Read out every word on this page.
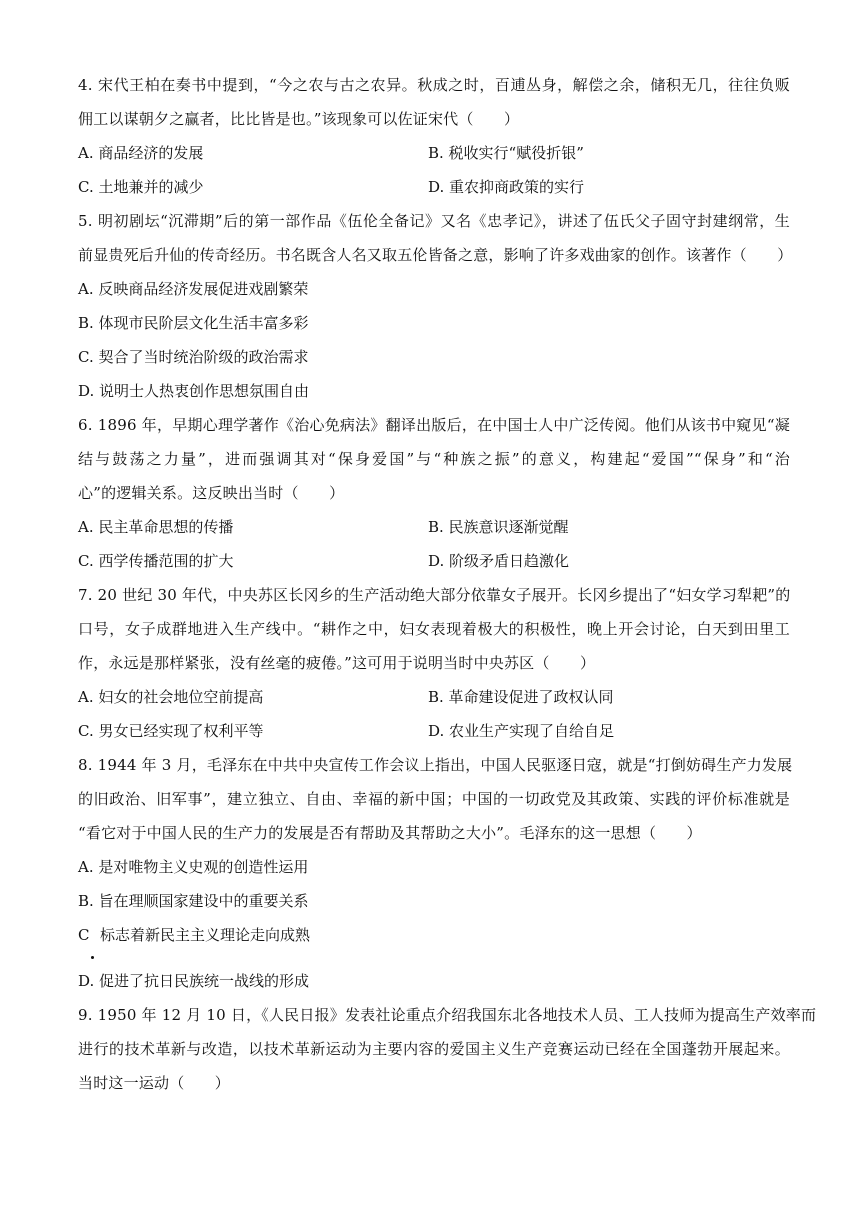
4. 宋代王柏在奏书中提到，“今之农与古之农异。秋成之时，百逋丛身，解偿之余，储积无几，往往负贩
佣工以谋朝夕之赢者，比比皆是也。”该现象可以佐证宋代（　　）
A. 商品经济的发展	B. 税收实行“赋役折银”
C. 土地兼并的减少	D. 重农抑商政策的实行
5. 明初剧坛“沉滞期”后的第一部作品《伍伦全备记》又名《忠孝记》，讲述了伍氏父子固守封建纲常，生
前显贵死后升仙的传奇经历。书名既含人名又取五伦皆备之意，影响了许多戏曲家的创作。该著作（　　）
A. 反映商品经济发展促进戏剧繁荣
B. 体现市民阶层文化生活丰富多彩
C. 契合了当时统治阶级的政治需求
D. 说明士人热衷创作思想氛围自由
6. 1896 年，早期心理学著作《治心免病法》翻译出版后，在中国士人中广泛传阅。他们从该书中窥见“凝
结与鼓荡之力量”，进而强调其对“保身爱国”与“种族之振”的意义，构建起“爱国”“保身”和“治
心”的逻辑关系。这反映出当时（　　）
A. 民主革命思想的传播	B. 民族意识逐渐觉醒
C. 西学传播范围的扩大	D. 阶级矛盾日趋激化
7. 20 世纪 30 年代，中央苏区长冈乡的生产活动绝大部分依靠女子展开。长冈乡提出了“妇女学习犁耙”的
口号，女子成群地进入生产线中。“耕作之中，妇女表现着极大的积极性，晚上开会讨论，白天到田里工
作，永远是那样紧张，没有丝毫的疲倦。”这可用于说明当时中央苏区（　　）
A. 妇女的社会地位空前提高	B. 革命建设促进了政权认同
C. 男女已经实现了权利平等	D. 农业生产实现了自给自足
8. 1944 年 3 月，毛泽东在中共中央宣传工作会议上指出，中国人民驱逐日寇，就是“打倒妨碍生产力发展
的旧政治、旧军事”，建立独立、自由、幸福的新中国；中国的一切政党及其政策、实践的评价标准就是
“看它对于中国人民的生产力的发展是否有帮助及其帮助之大小”。毛泽东的这一思想（　　）
A. 是对唯物主义史观的创造性运用
B. 旨在理顺国家建设中的重要关系
C 标志着新民主主义理论走向成熟
D. 促进了抗日民族统一战线的形成
9. 1950 年 12 月 10 日，《人民日报》发表社论重点介绍我国东北各地技术人员、工人技师为提高生产效率而
进行的技术革新与改造，以技术革新运动为主要内容的爱国主义生产竞赛运动已经在全国蓬勃开展起来。
当时这一运动（　　）
